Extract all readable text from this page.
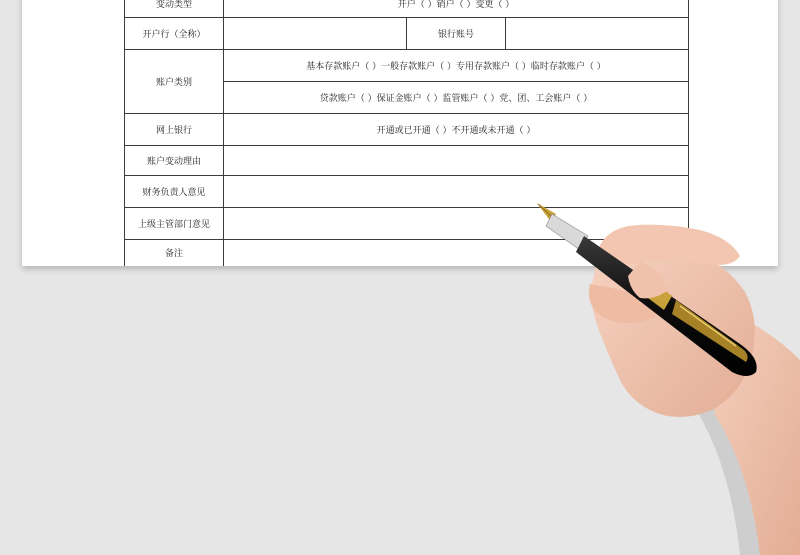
变动类型	开户（ ）销户（ ）变更（ ）		
开户行（全称）		银行账号	
账户类别	基本存款账户（ ）一般存款账户（ ）专用存款账户（ ）临时存款账户（ ）		
	贷款账户（ ）保证金账户（ ）监管账户（ ）党、团、工会账户（ ）		
网上银行	开通或已开通（ ）不开通或未开通（ ）		
账户变动理由			
财务负责人意见			
上级主管部门意见			
备注			
